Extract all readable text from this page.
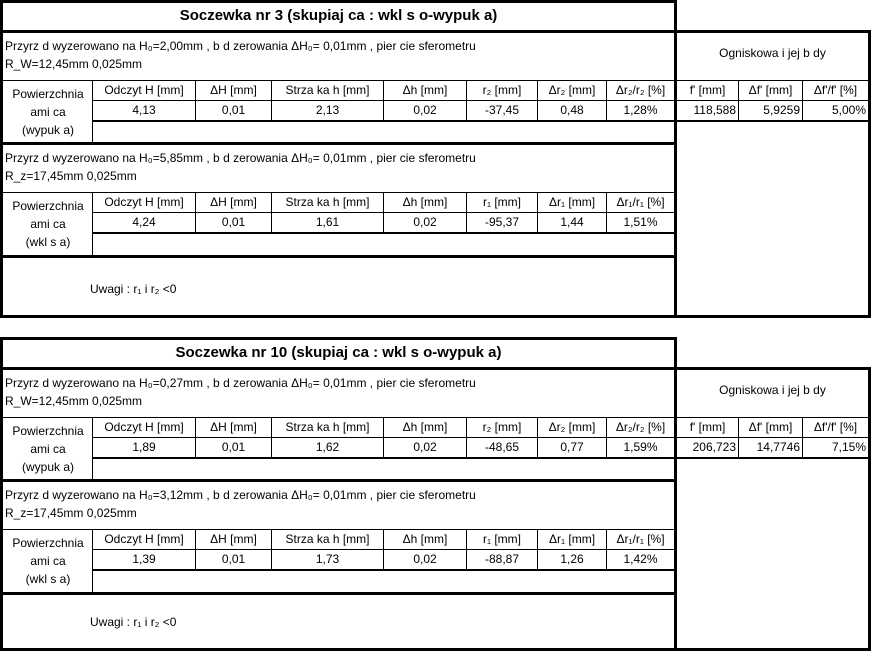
Soczewka nr 3 (skupiaj ca : wkl s o-wypuk a)
Przyrz d wyzerowano na H₀=2,00mm , b d zerowania ΔH₀= 0,01mm , pier cie sferometru
R_W=12,45mm 0,025mm
Powierzchnia
ami ca
(wypuk a)
Odczyt H [mm]	ΔH [mm]	Strza ka h [mm]	Δh [mm]	r₂ [mm]	Δr₂ [mm]	Δr₂/r₂ [%]
4,13	0,01	2,13	0,02	-37,45	0,48	1,28%
Przyrz d wyzerowano na H₀=5,85mm , b d zerowania ΔH₀= 0,01mm , pier cie sferometru
R_z=17,45mm 0,025mm
Powierzchnia
ami ca
(wkl s a)
Odczyt H [mm]	ΔH [mm]	Strza ka h [mm]	Δh [mm]	r₁ [mm]	Δr₁ [mm]	Δr₁/r₁ [%]
4,24	0,01	1,61	0,02	-95,37	1,44	1,51%
Uwagi : r₁ i r₂ <0
Ogniskowa i jej b dy
f' [mm]	Δf' [mm]	Δf'/f' [%]
118,588	5,9259	5,00%
Soczewka nr 10 (skupiaj ca : wkl s o-wypuk a)
Przyrz d wyzerowano na H₀=0,27mm , b d zerowania ΔH₀= 0,01mm , pier cie sferometru
R_W=12,45mm 0,025mm
Powierzchnia
ami ca
(wypuk a)
Odczyt H [mm]	ΔH [mm]	Strza ka h [mm]	Δh [mm]	r₂ [mm]	Δr₂ [mm]	Δr₂/r₂ [%]
1,89	0,01	1,62	0,02	-48,65	0,77	1,59%
Przyrz d wyzerowano na H₀=3,12mm , b d zerowania ΔH₀= 0,01mm , pier cie sferometru
R_z=17,45mm 0,025mm
Powierzchnia
ami ca
(wkl s a)
Odczyt H [mm]	ΔH [mm]	Strza ka h [mm]	Δh [mm]	r₁ [mm]	Δr₁ [mm]	Δr₁/r₁ [%]
1,39	0,01	1,73	0,02	-88,87	1,26	1,42%
Uwagi : r₁ i r₂ <0
Ogniskowa i jej b dy
f' [mm]	Δf' [mm]	Δf'/f' [%]
206,723	14,7746	7,15%
